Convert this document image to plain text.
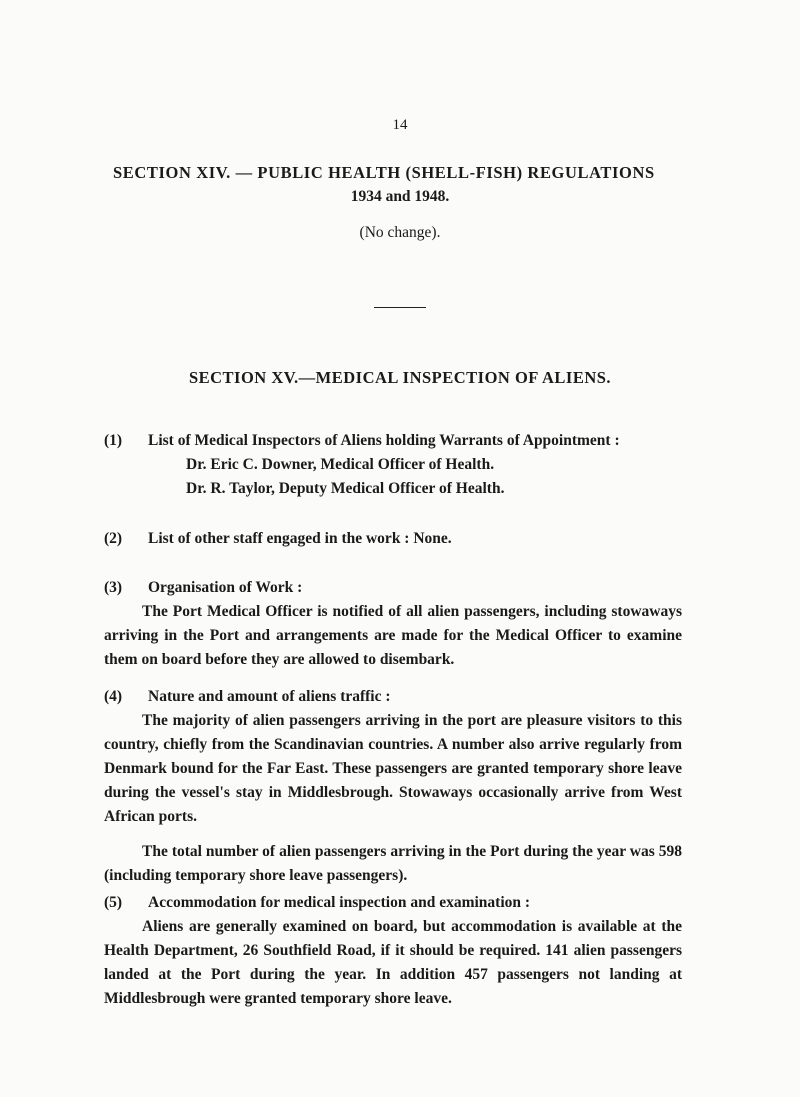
14
SECTION XIV. — PUBLIC HEALTH (SHELL-FISH) REGULATIONS
1934 and 1948.
(No change).
SECTION XV.—MEDICAL INSPECTION OF ALIENS.
(1) List of Medical Inspectors of Aliens holding Warrants of Appointment :
Dr. Eric C. Downer, Medical Officer of Health.
Dr. R. Taylor, Deputy Medical Officer of Health.
(2) List of other staff engaged in the work : None.
(3) Organisation of Work :
The Port Medical Officer is notified of all alien passengers, including stowaways arriving in the Port and arrangements are made for the Medical Officer to examine them on board before they are allowed to disembark.
(4) Nature and amount of aliens traffic :
The majority of alien passengers arriving in the port are pleasure visitors to this country, chiefly from the Scandinavian countries. A number also arrive regularly from Denmark bound for the Far East. These passengers are granted temporary shore leave during the vessel's stay in Middlesbrough. Stowaways occasionally arrive from West African ports.
The total number of alien passengers arriving in the Port during the year was 598 (including temporary shore leave passengers).
(5) Accommodation for medical inspection and examination :
Aliens are generally examined on board, but accommodation is available at the Health Department, 26 Southfield Road, if it should be required. 141 alien passengers landed at the Port during the year. In addition 457 passengers not landing at Middlesbrough were granted temporary shore leave.
